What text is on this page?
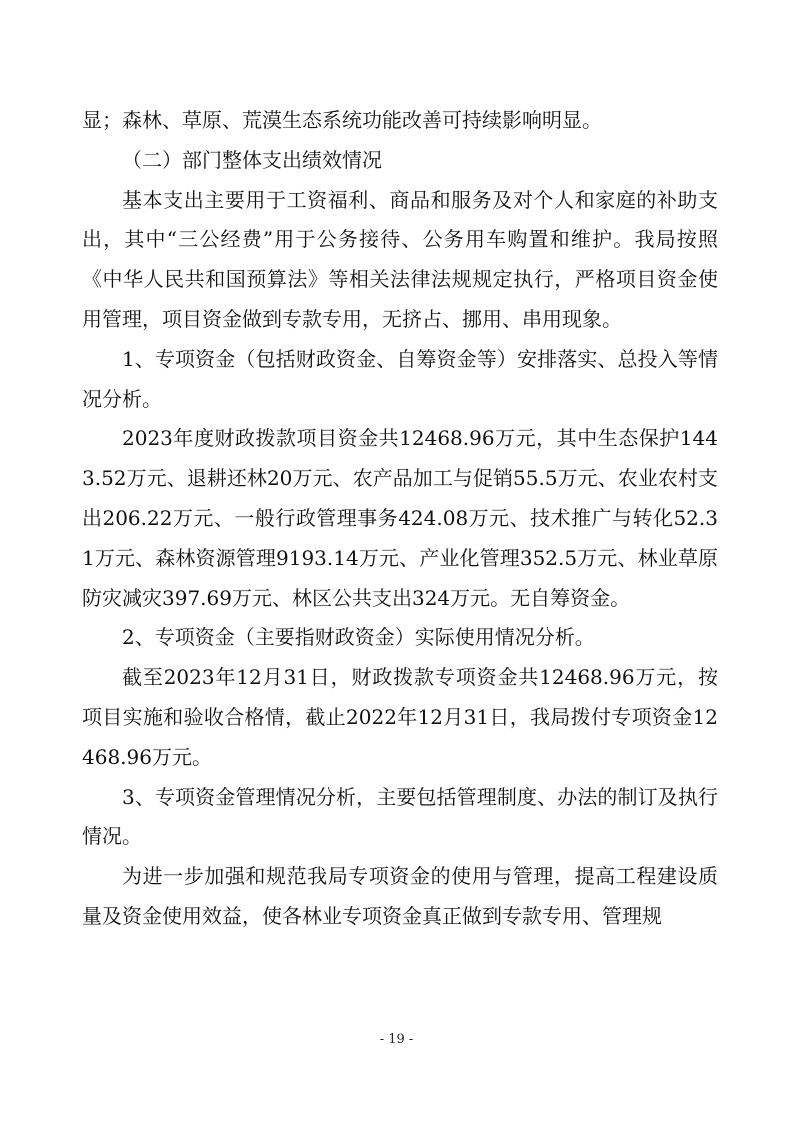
显；森林、草原、荒漠生态系统功能改善可持续影响明显。

（二）部门整体支出绩效情况

基本支出主要用于工资福利、商品和服务及对个人和家庭的补助支出，其中“三公经费”用于公务接待、公务用车购置和维护。我局按照《中华人民共和国预算法》等相关法律法规规定执行，严格项目资金使用管理，项目资金做到专款专用，无挤占、挪用、串用现象。

1、专项资金（包括财政资金、自筹资金等）安排落实、总投入等情况分析。

2023年度财政拨款项目资金共12468.96万元，其中生态保护1443.52万元、退耕还林20万元、农产品加工与促销55.5万元、农业农村支出206.22万元、一般行政管理事务424.08万元、技术推广与转化52.31万元、森林资源管理9193.14万元、产业化管理352.5万元、林业草原防灾减灾397.69万元、林区公共支出324万元。无自筹资金。

2、专项资金（主要指财政资金）实际使用情况分析。

截至2023年12月31日，财政拨款专项资金共12468.96万元，按项目实施和验收合格情，截止2022年12月31日，我局拨付专项资金12468.96万元。

3、专项资金管理情况分析，主要包括管理制度、办法的制订及执行情况。

为进一步加强和规范我局专项资金的使用与管理，提高工程建设质量及资金使用效益，使各林业专项资金真正做到专款专用、管理规

- 19 -
